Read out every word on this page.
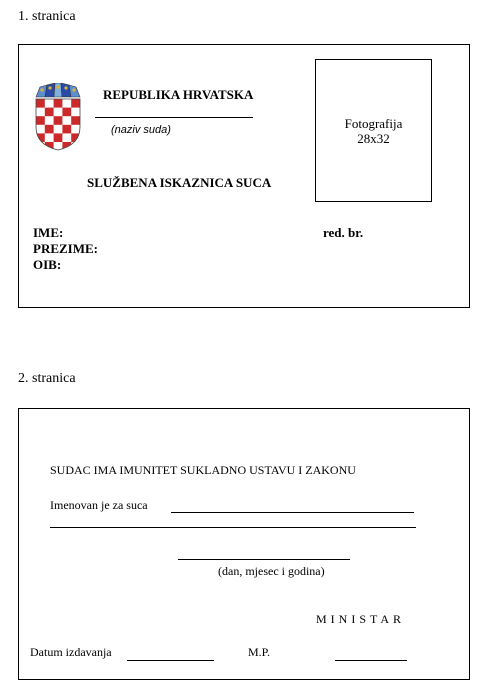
1. stranica
REPUBLIKA HRVATSKA
(naziv suda)
SLUŽBENA ISKAZNICA SUCA
Fotografija
28x32
IME:
PREZIME:
OIB:
red. br.
2. stranica
SUDAC IMA IMUNITET SUKLADNO USTAVU I ZAKONU
Imenovan je za suca
(dan, mjesec i godina)
MINISTAR
Datum izdavanja	M.P.
